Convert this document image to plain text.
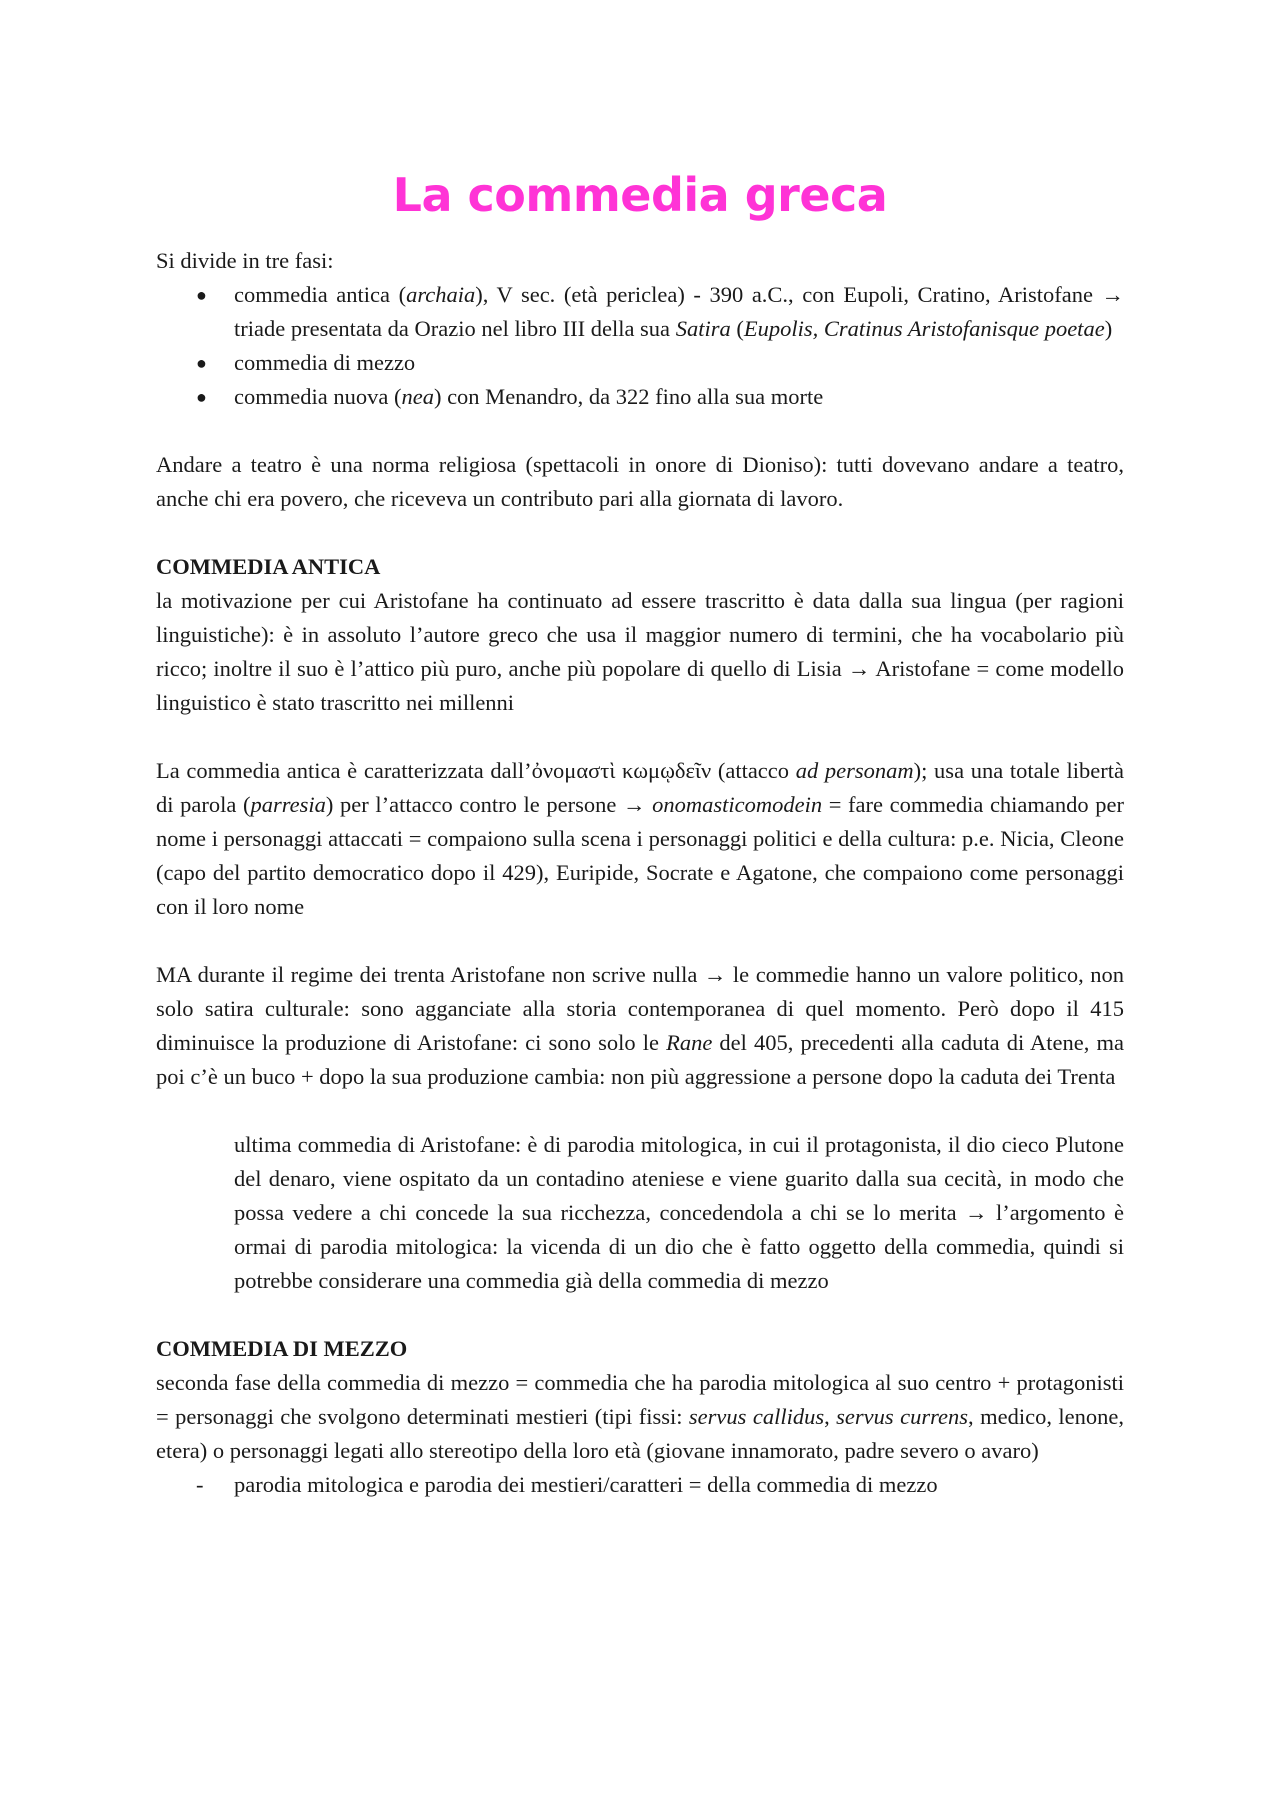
La commedia greca

Si divide in tre fasi:

● commedia antica (archaia), V sec. (età periclea) - 390 a.C., con Eupoli, Cratino, Aristofane → triade presentata da Orazio nel libro III della sua Satira (Eupolis, Cratinus Aristofanisque poetae)
● commedia di mezzo
● commedia nuova (nea) con Menandro, da 322 fino alla sua morte

Andare a teatro è una norma religiosa (spettacoli in onore di Dioniso): tutti dovevano andare a teatro, anche chi era povero, che riceveva un contributo pari alla giornata di lavoro.

COMMEDIA ANTICA

la motivazione per cui Aristofane ha continuato ad essere trascritto è data dalla sua lingua (per ragioni linguistiche): è in assoluto l’autore greco che usa il maggior numero di termini, che ha vocabolario più ricco; inoltre il suo è l’attico più puro, anche più popolare di quello di Lisia → Aristofane = come modello linguistico è stato trascritto nei millenni

La commedia antica è caratterizzata dall’ὀνομαστὶ κωμῳδεῖν (attacco ad personam); usa una totale libertà di parola (parresia) per l’attacco contro le persone → onomasticomodein = fare commedia chiamando per nome i personaggi attaccati = compaiono sulla scena i personaggi politici e della cultura: p.e. Nicia, Cleone (capo del partito democratico dopo il 429), Euripide, Socrate e Agatone, che compaiono come personaggi con il loro nome

MA durante il regime dei trenta Aristofane non scrive nulla → le commedie hanno un valore politico, non solo satira culturale: sono agganciate alla storia contemporanea di quel momento. Però dopo il 415 diminuisce la produzione di Aristofane: ci sono solo le Rane del 405, precedenti alla caduta di Atene, ma poi c’è un buco + dopo la sua produzione cambia: non più aggressione a persone dopo la caduta dei Trenta

ultima commedia di Aristofane: è di parodia mitologica, in cui il protagonista, il dio cieco Plutone del denaro, viene ospitato da un contadino ateniese e viene guarito dalla sua cecità, in modo che possa vedere a chi concede la sua ricchezza, concedendola a chi se lo merita → l’argomento è ormai di parodia mitologica: la vicenda di un dio che è fatto oggetto della commedia, quindi si potrebbe considerare una commedia già della commedia di mezzo

COMMEDIA DI MEZZO

seconda fase della commedia di mezzo = commedia che ha parodia mitologica al suo centro + protagonisti = personaggi che svolgono determinati mestieri (tipi fissi: servus callidus, servus currens, medico, lenone, etera) o personaggi legati allo stereotipo della loro età (giovane innamorato, padre severo o avaro)

- parodia mitologica e parodia dei mestieri/caratteri = della commedia di mezzo
